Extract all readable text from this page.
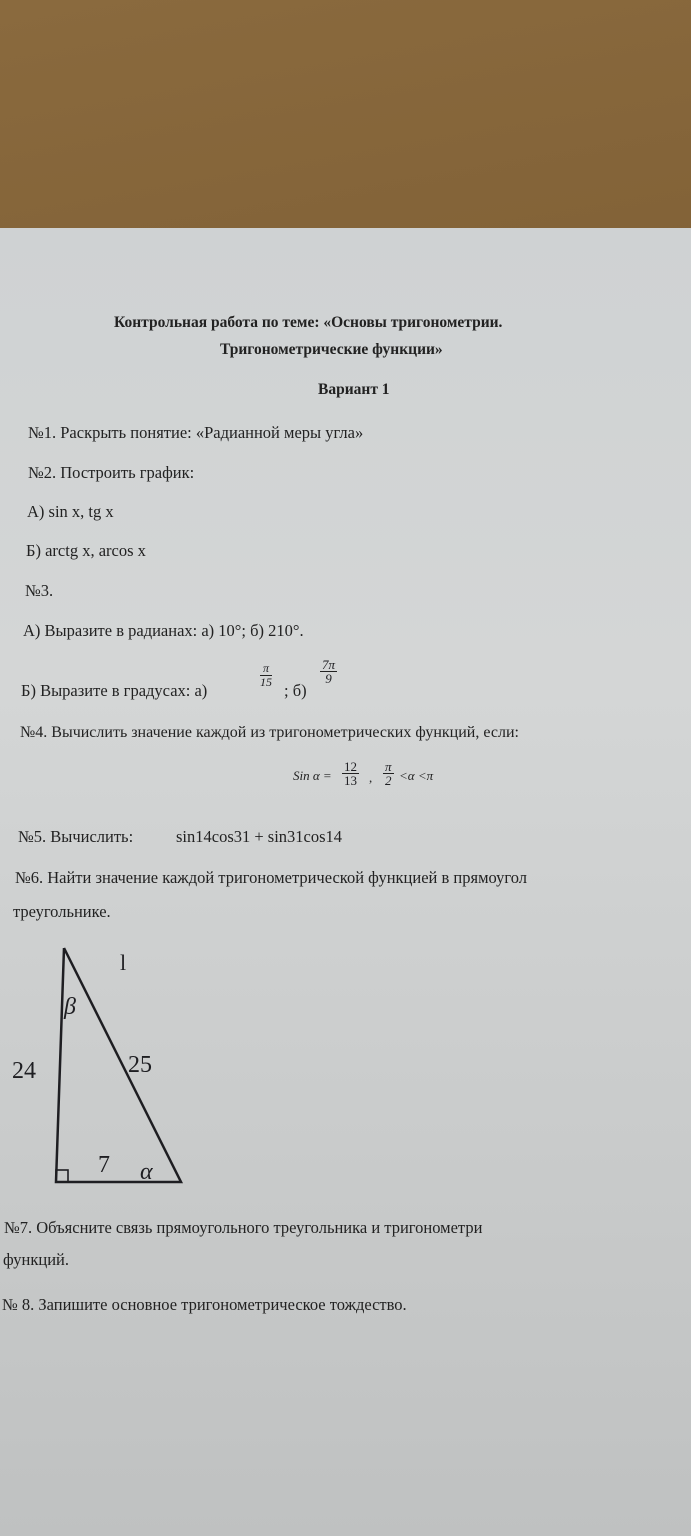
Контрольная работа по теме: «Основы тригонометрии.
Тригонометрические функции»
Вариант 1
№1. Раскрыть понятие: «Радианной меры угла»
№2. Построить график:
А) sin x, tg x
Б) arctg x, arcos x
№3.
А) Выразите в радианах: а) 10°; б) 210°.
Б) Выразите в градусах: а)
$\frac{\pi}{15}$
; б)
$\frac{7\pi}{9}$
№4. Вычислить значение каждой из тригонометрических функций, если:
Sin $\alpha = \frac{12}{13}$ , $\frac{\pi}{2} <\alpha <\pi$
№5. Вычислить:	sin14cos31 + sin31cos14
№6. Найти значение каждой тригонометрической функцией в прямоугол
треугольнике.
l
β
24	25
7 α
№7. Объясните связь прямоугольного треугольника и тригонометри
функций.
№ 8. Запишите основное тригонометрическое тождество.
